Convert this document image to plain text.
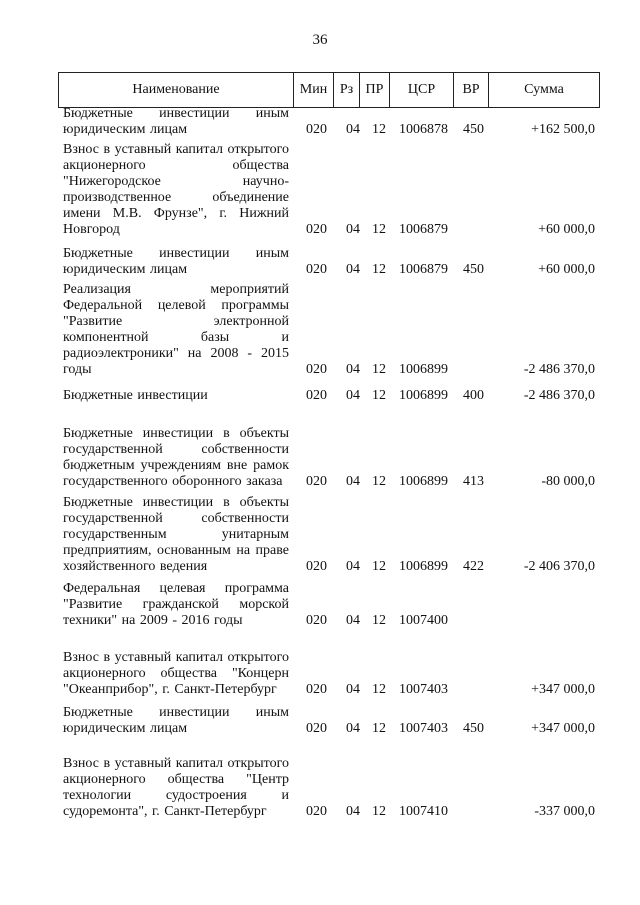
36
Наименование	Мин Рз ПР	ЦСР	ВР	Сумма
Бюджетные инвестиции иным юридическим лицам	020 04 12 1006878 450	+162 500,0
Взнос в уставный капитал открытого акционерного общества "Нижегородское научно-производственное объединение имени М.В. Фрунзе", г. Нижний Новгород	020 04 12 1006879	+60 000,0
Бюджетные инвестиции иным юридическим лицам	020 04 12 1006879 450	+60 000,0
Реализация мероприятий Федеральной целевой программы "Развитие электронной компонентной базы и радиоэлектроники" на 2008 - 2015 годы	020 04 12 1006899	-2 486 370,0
Бюджетные инвестиции	020 04 12 1006899 400	-2 486 370,0
Бюджетные инвестиции в объекты государственной собственности бюджетным учреждениям вне рамок государственного оборонного заказа	020 04 12 1006899 413	-80 000,0
Бюджетные инвестиции в объекты государственной собственности государственным унитарным предприятиям, основанным на праве хозяйственного ведения	020 04 12 1006899 422	-2 406 370,0
Федеральная целевая программа "Развитие гражданской морской техники" на 2009 - 2016 годы	020 04 12 1007400
Взнос в уставный капитал открытого акционерного общества "Концерн "Океанприбор", г. Санкт-Петербург	020 04 12 1007403	+347 000,0
Бюджетные инвестиции иным юридическим лицам	020 04 12 1007403 450	+347 000,0
Взнос в уставный капитал открытого акционерного общества "Центр технологии судостроения и судоремонта", г. Санкт-Петербург	020 04 12 1007410	-337 000,0
